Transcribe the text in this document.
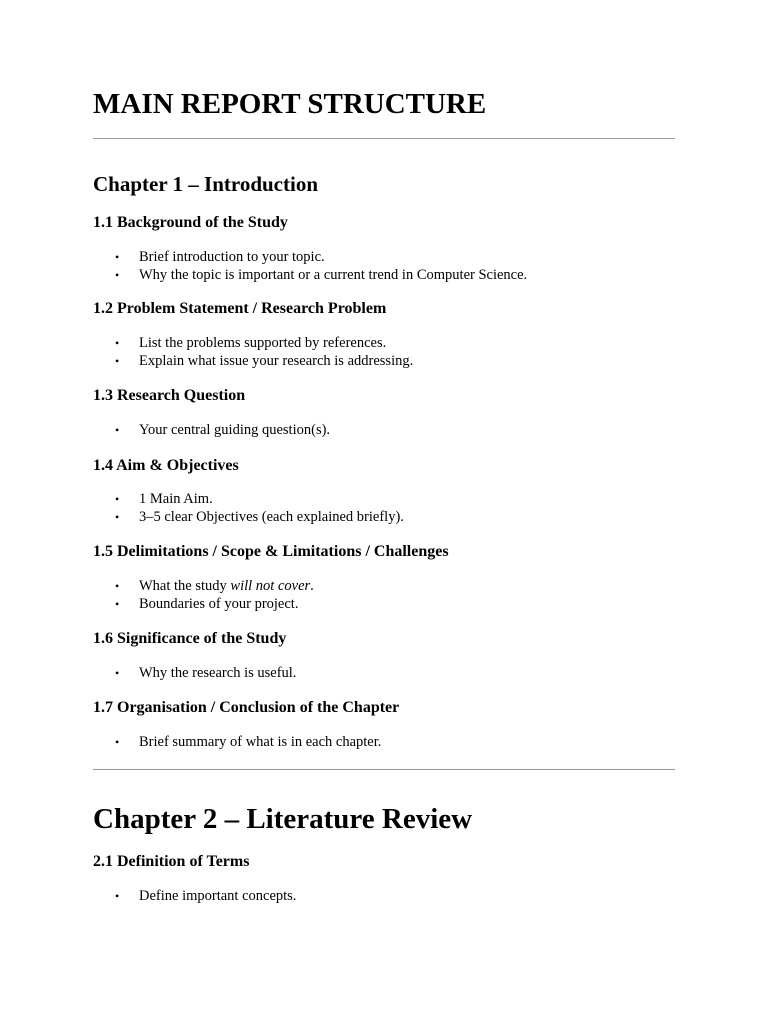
MAIN REPORT STRUCTURE
Chapter 1 – Introduction
1.1 Background of the Study
• Brief introduction to your topic.
• Why the topic is important or a current trend in Computer Science.
1.2 Problem Statement / Research Problem
• List the problems supported by references.
• Explain what issue your research is addressing.
1.3 Research Question
• Your central guiding question(s).
1.4 Aim & Objectives
• 1 Main Aim.
• 3–5 clear Objectives (each explained briefly).
1.5 Delimitations / Scope & Limitations / Challenges
• What the study will not cover.
• Boundaries of your project.
1.6 Significance of the Study
• Why the research is useful.
1.7 Organisation / Conclusion of the Chapter
• Brief summary of what is in each chapter.
Chapter 2 – Literature Review
2.1 Definition of Terms
• Define important concepts.
